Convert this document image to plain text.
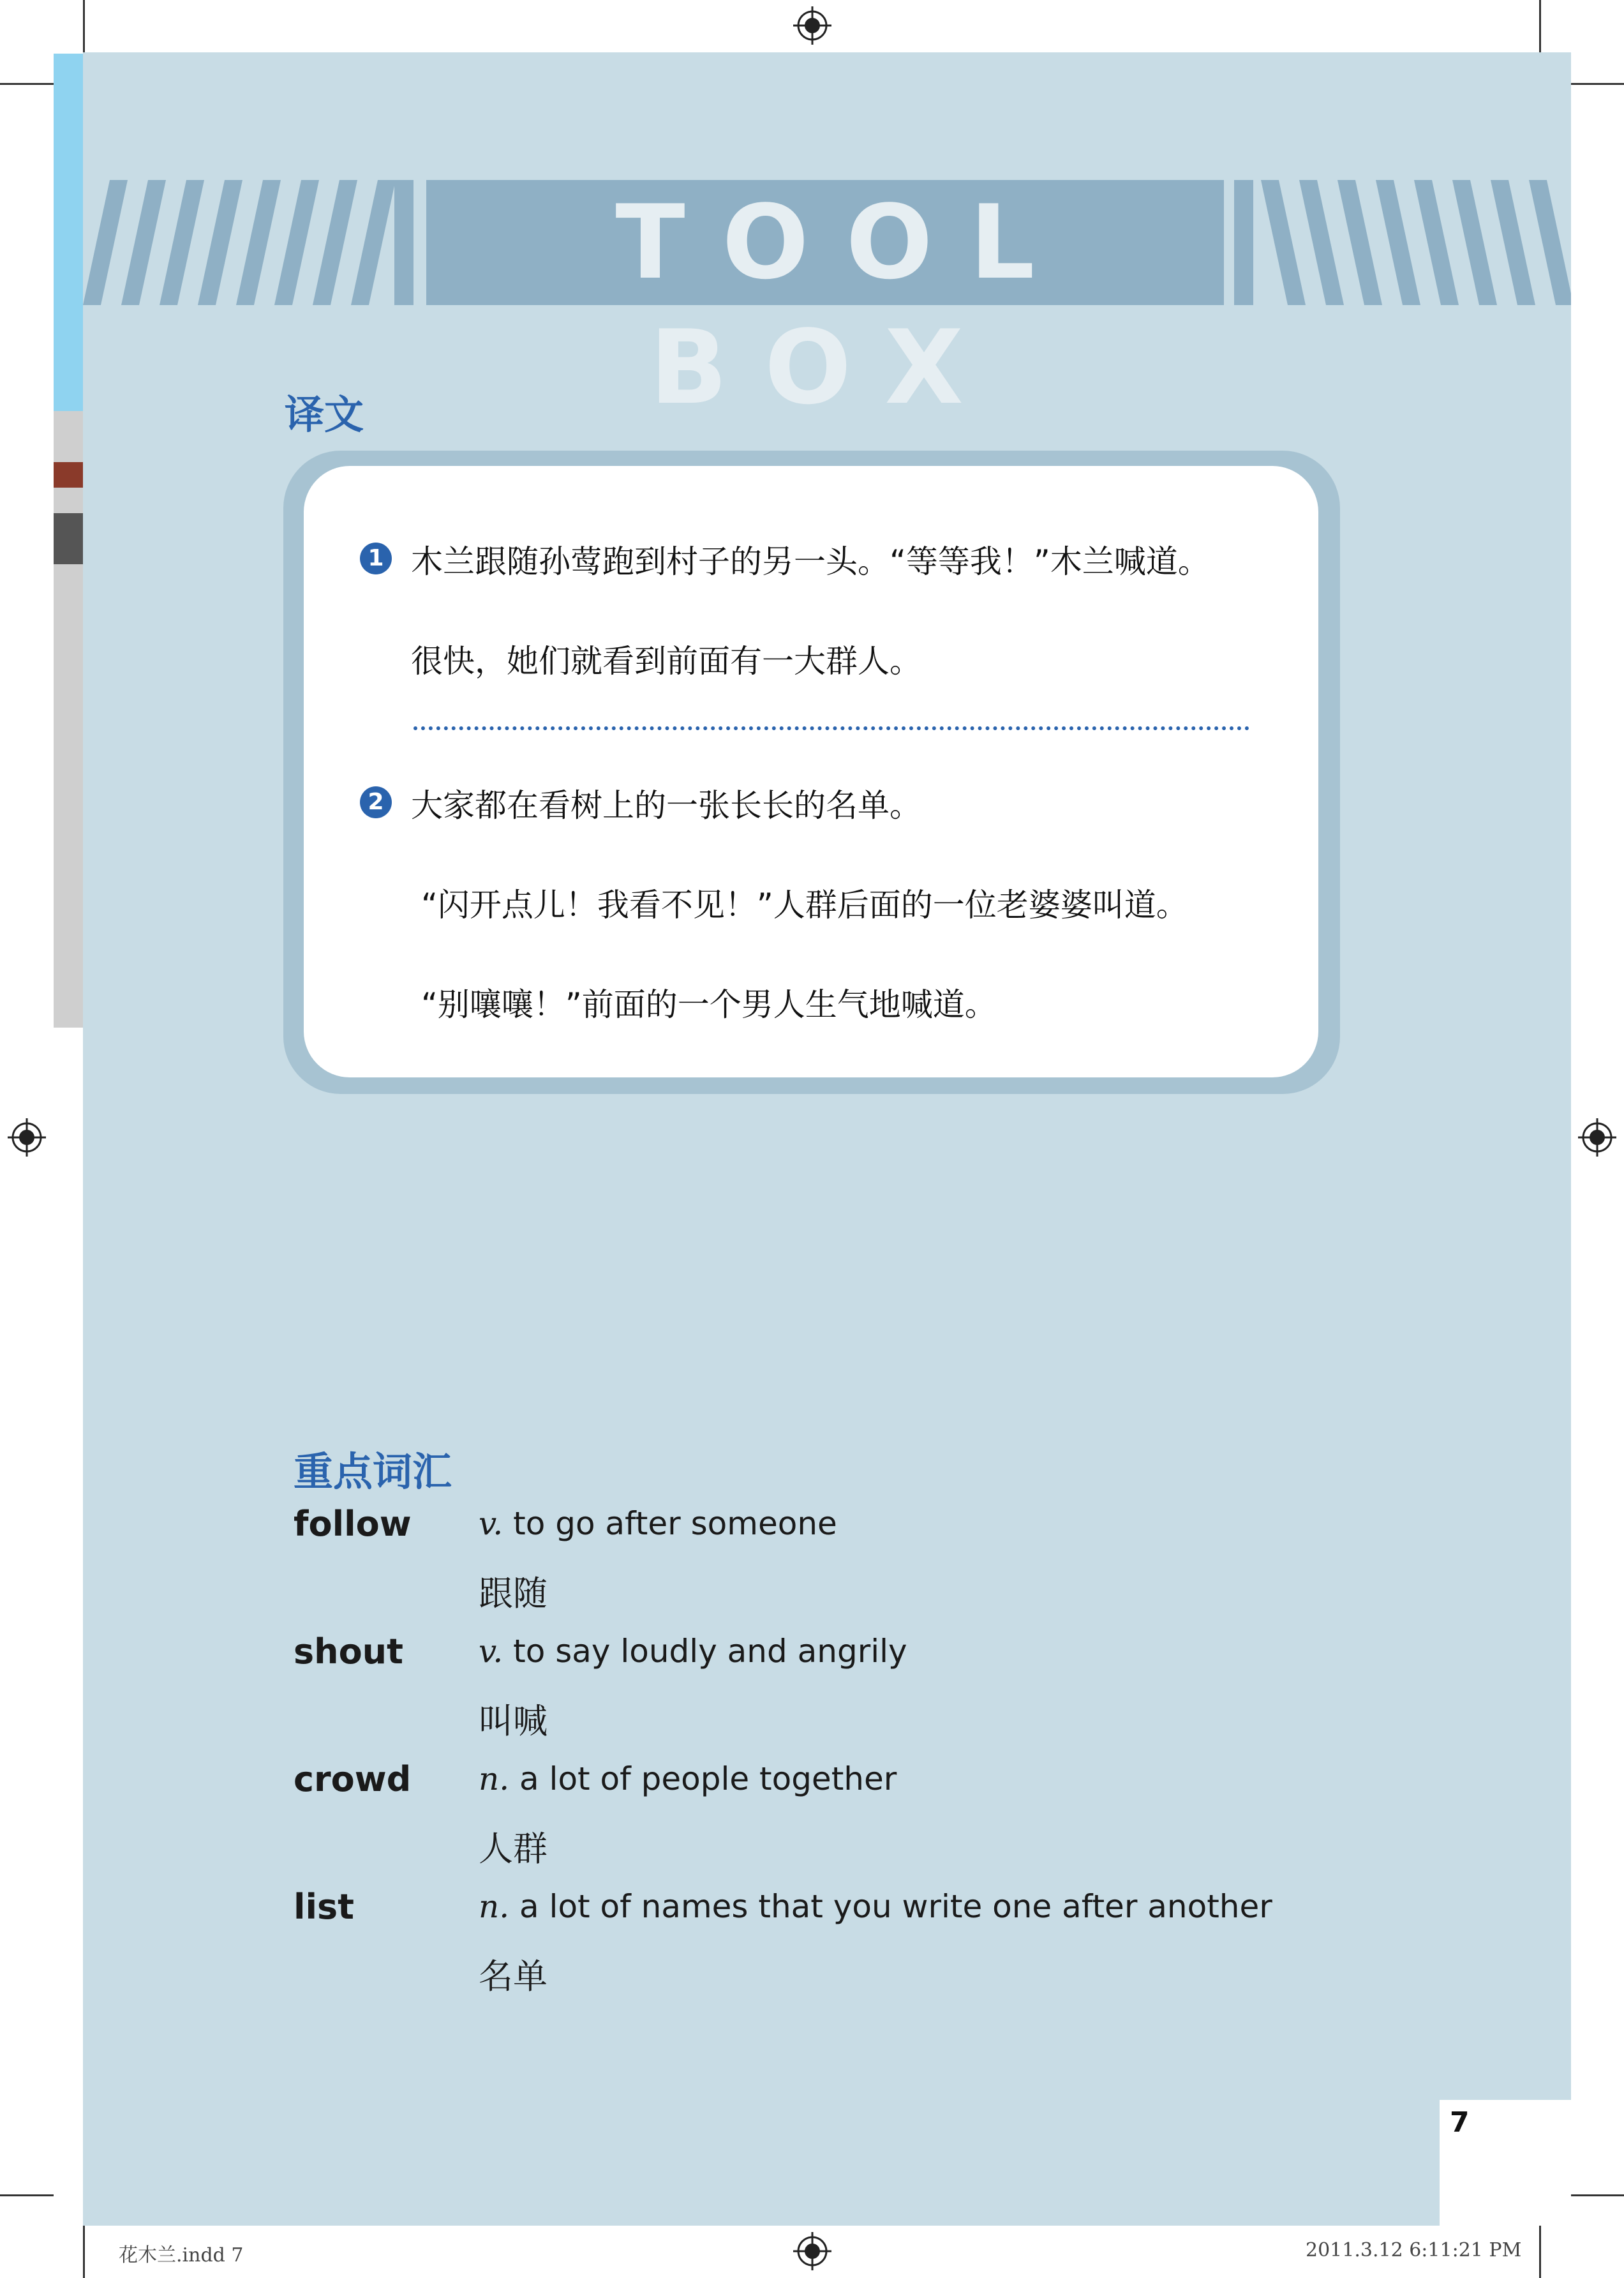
TOOL BOX
译文
1 木兰跟随孙莺跑到村子的另一头。“等等我！”木兰喊道。
很快，她们就看到前面有一大群人。
2 大家都在看树上的一张长长的名单。
“闪开点儿！我看不见！”人群后面的一位老婆婆叫道。
“别嚷嚷！”前面的一个男人生气地喊道。
重点词汇
follow v. to go after someone
跟随
shout v. to say loudly and angrily
叫喊
crowd n. a lot of people together
人群
list	n. a lot of names that you write one after another
名单
7
花木兰.indd 7	2011.3.12 6:11:21 PM
